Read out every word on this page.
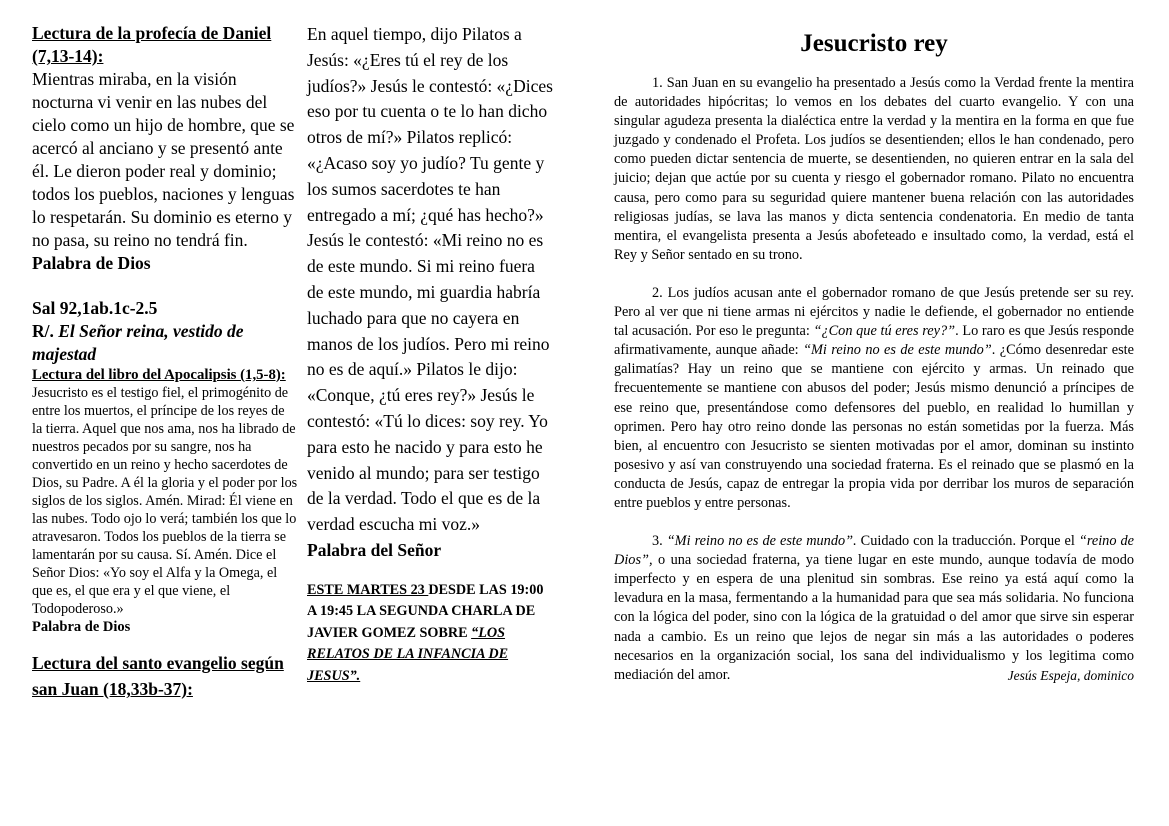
Lectura de la profecía de Daniel (7,13-14):

Mientras miraba, en la visión nocturna vi venir en las nubes del cielo como un hijo de hombre, que se acercó al anciano y se presentó ante él. Le dieron poder real y dominio; todos los pueblos, naciones y lenguas lo respetarán. Su dominio es eterno y no pasa, su reino no tendrá fin.

Palabra de Dios

Sal 92,1ab.1c-2.5

R/. El Señor reina, vestido de majestad

Lectura del libro del Apocalipsis (1,5-8):

Jesucristo es el testigo fiel, el primogénito de entre los muertos, el príncipe de los reyes de la tierra. Aquel que nos ama, nos ha librado de nuestros pecados por su sangre, nos ha convertido en un reino y hecho sacerdotes de Dios, su Padre. A él la gloria y el poder por los siglos de los siglos. Amén. Mirad: Él viene en las nubes. Todo ojo lo verá; también los que lo atravesaron. Todos los pueblos de la tierra se lamentarán por su causa. Sí. Amén. Dice el Señor Dios: «Yo soy el Alfa y la Omega, el que es, el que era y el que viene, el Todopoderoso.»

Palabra de Dios

Lectura del santo evangelio según san Juan (18,33b-37):

En aquel tiempo, dijo Pilatos a Jesús: «¿Eres tú el rey de los judíos?» Jesús le contestó: «¿Dices eso por tu cuenta o te lo han dicho otros de mí?» Pilatos replicó: «¿Acaso soy yo judío? Tu gente y los sumos sacerdotes te han entregado a mí; ¿qué has hecho?» Jesús le contestó: «Mi reino no es de este mundo. Si mi reino fuera de este mundo, mi guardia habría luchado para que no cayera en manos de los judíos. Pero mi reino no es de aquí.» Pilatos le dijo: «Conque, ¿tú eres rey?» Jesús le contestó: «Tú lo dices: soy rey. Yo para esto he nacido y para esto he venido al mundo; para ser testigo de la verdad. Todo el que es de la verdad escucha mi voz.»

Palabra del Señor

ESTE MARTES 23 DESDE LAS 19:00 A 19:45 LA SEGUNDA CHARLA DE JAVIER GOMEZ SOBRE “LOS RELATOS DE LA INFANCIA DE JESUS”.

Jesucristo rey

1. San Juan en su evangelio ha presentado a Jesús como la Verdad frente la mentira de autoridades hipócritas; lo vemos en los debates del cuarto evangelio. Y con una singular agudeza presenta la dialéctica entre la verdad y la mentira en la forma en que fue juzgado y condenado el Profeta. Los judíos se desentienden; ellos le han condenado, pero como pueden dictar sentencia de muerte, se desentienden, no quieren entrar en la sala del juicio; dejan que actúe por su cuenta y riesgo el gobernador romano. Pilato no encuentra causa, pero como para su seguridad quiere mantener buena relación con las autoridades religiosas judías, se lava las manos y dicta sentencia condenatoria. En medio de tanta mentira, el evangelista presenta a Jesús abofeteado e insultado como, la verdad, está el Rey y Señor sentado en su trono.

2. Los judíos acusan ante el gobernador romano de que Jesús pretende ser su rey. Pero al ver que ni tiene armas ni ejércitos y nadie le defiende, el gobernador no entiende tal acusación. Por eso le pregunta: “¿Con que tú eres rey?”. Lo raro es que Jesús responde afirmativamente, aunque añade: “Mi reino no es de este mundo”. ¿Cómo desenredar este galimatías? Hay un reino que se mantiene con ejército y armas. Un reinado que frecuentemente se mantiene con abusos del poder; Jesús mismo denunció a príncipes de ese reino que, presentándose como defensores del pueblo, en realidad lo humillan y oprimen. Pero hay otro reino donde las personas no están sometidas por la fuerza. Más bien, al encuentro con Jesucristo se sienten motivadas por el amor, dominan su instinto posesivo y así van construyendo una sociedad fraterna. Es el reinado que se plasmó en la conducta de Jesús, capaz de entregar la propia vida por derribar los muros de separación entre pueblos y entre personas.

3. “Mi reino no es de este mundo”. Cuidado con la traducción. Porque el “reino de Dios”, o una sociedad fraterna, ya tiene lugar en este mundo, aunque todavía de modo imperfecto y en espera de una plenitud sin sombras. Ese reino ya está aquí como la levadura en la masa, fermentando a la humanidad para que sea más solidaria. No funciona con la lógica del poder, sino con la lógica de la gratuidad o del amor que sirve sin esperar nada a cambio. Es un reino que lejos de negar sin más a las autoridades o poderes necesarios en la organización social, los sana del individualismo y los legitima como mediación del amor.	Jesús Espeja, dominico
